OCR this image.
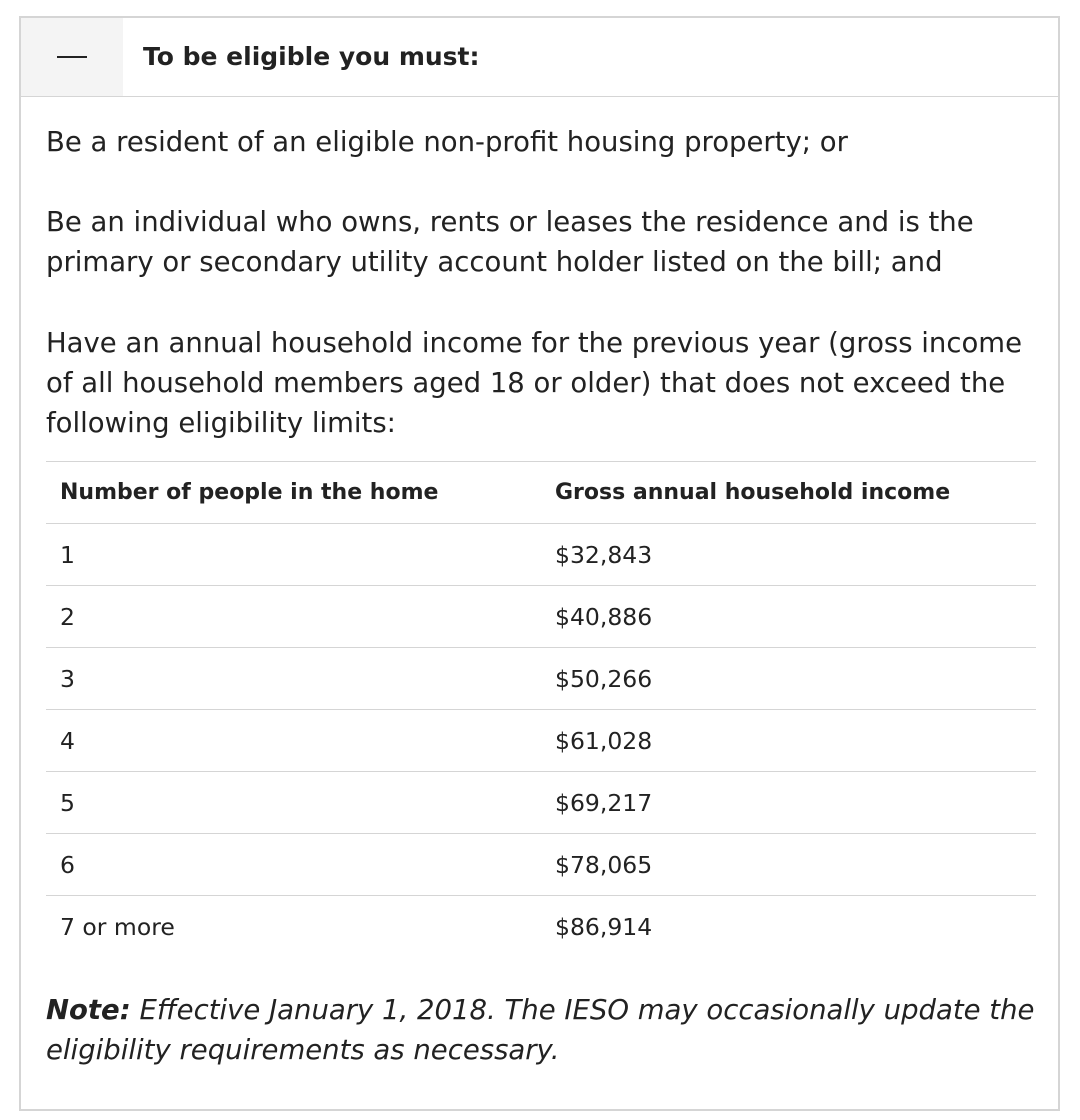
To be eligible you must:

Be a resident of an eligible non-profit housing property; or

Be an individual who owns, rents or leases the residence and is the primary or secondary utility account holder listed on the bill; and

Have an annual household income for the previous year (gross income of all household members aged 18 or older) that does not exceed the following eligibility limits:

Number of people in the home	Gross annual household income
1	$32,843
2	$40,886
3	$50,266
4	$61,028
5	$69,217
6	$78,065
7 or more	$86,914

Note: Effective January 1, 2018. The IESO may occasionally update the eligibility requirements as necessary.
